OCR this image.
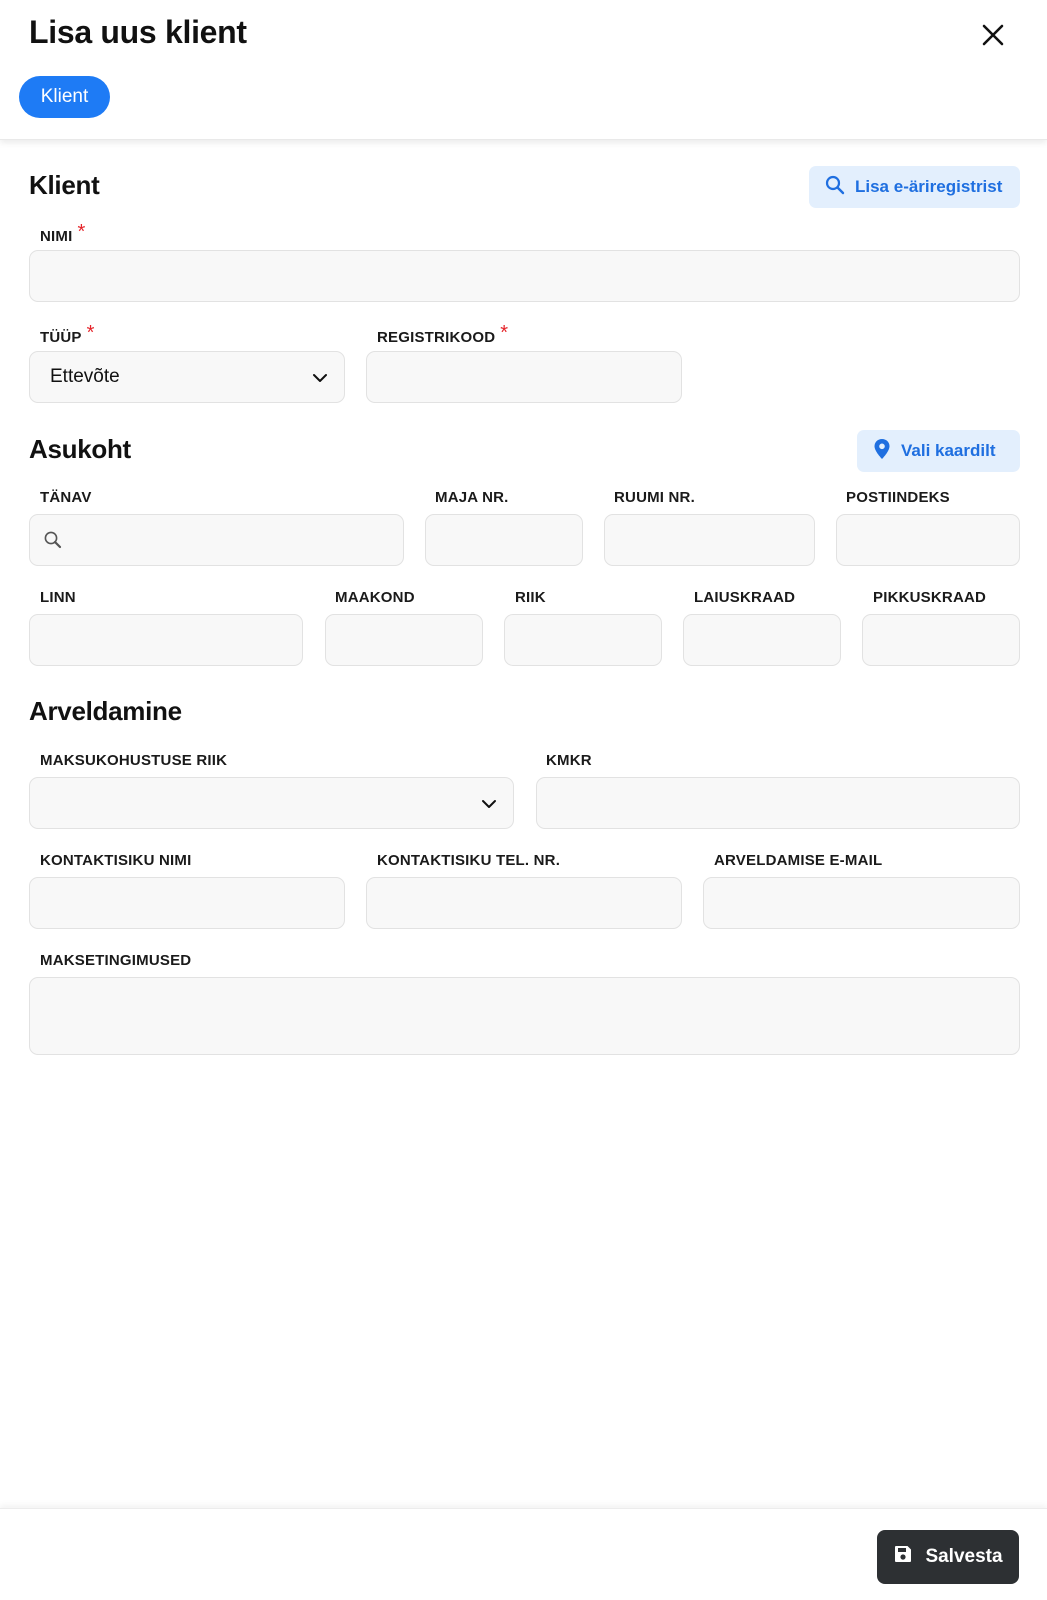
Lisa uus klient
Klient
Klient	Lisa e-äriregistrist
NIMI *
TÜÜP *
Ettevõte
REGISTRIKOOD *
Asukoht	Vali kaardilt
TÄNAV	MAJA NR.	RUUMI NR.	POSTIINDEKS
LINN	MAAKOND	RIIK	LAIUSKRAAD	PIKKUSKRAAD
Arveldamine
MAKSUKOHUSTUSE RIIK	KMKR
KONTAKTISIKU NIMI	KONTAKTISIKU TEL. NR.	ARVELDAMISE E-MAIL
MAKSETINGIMUSED
Salvesta
